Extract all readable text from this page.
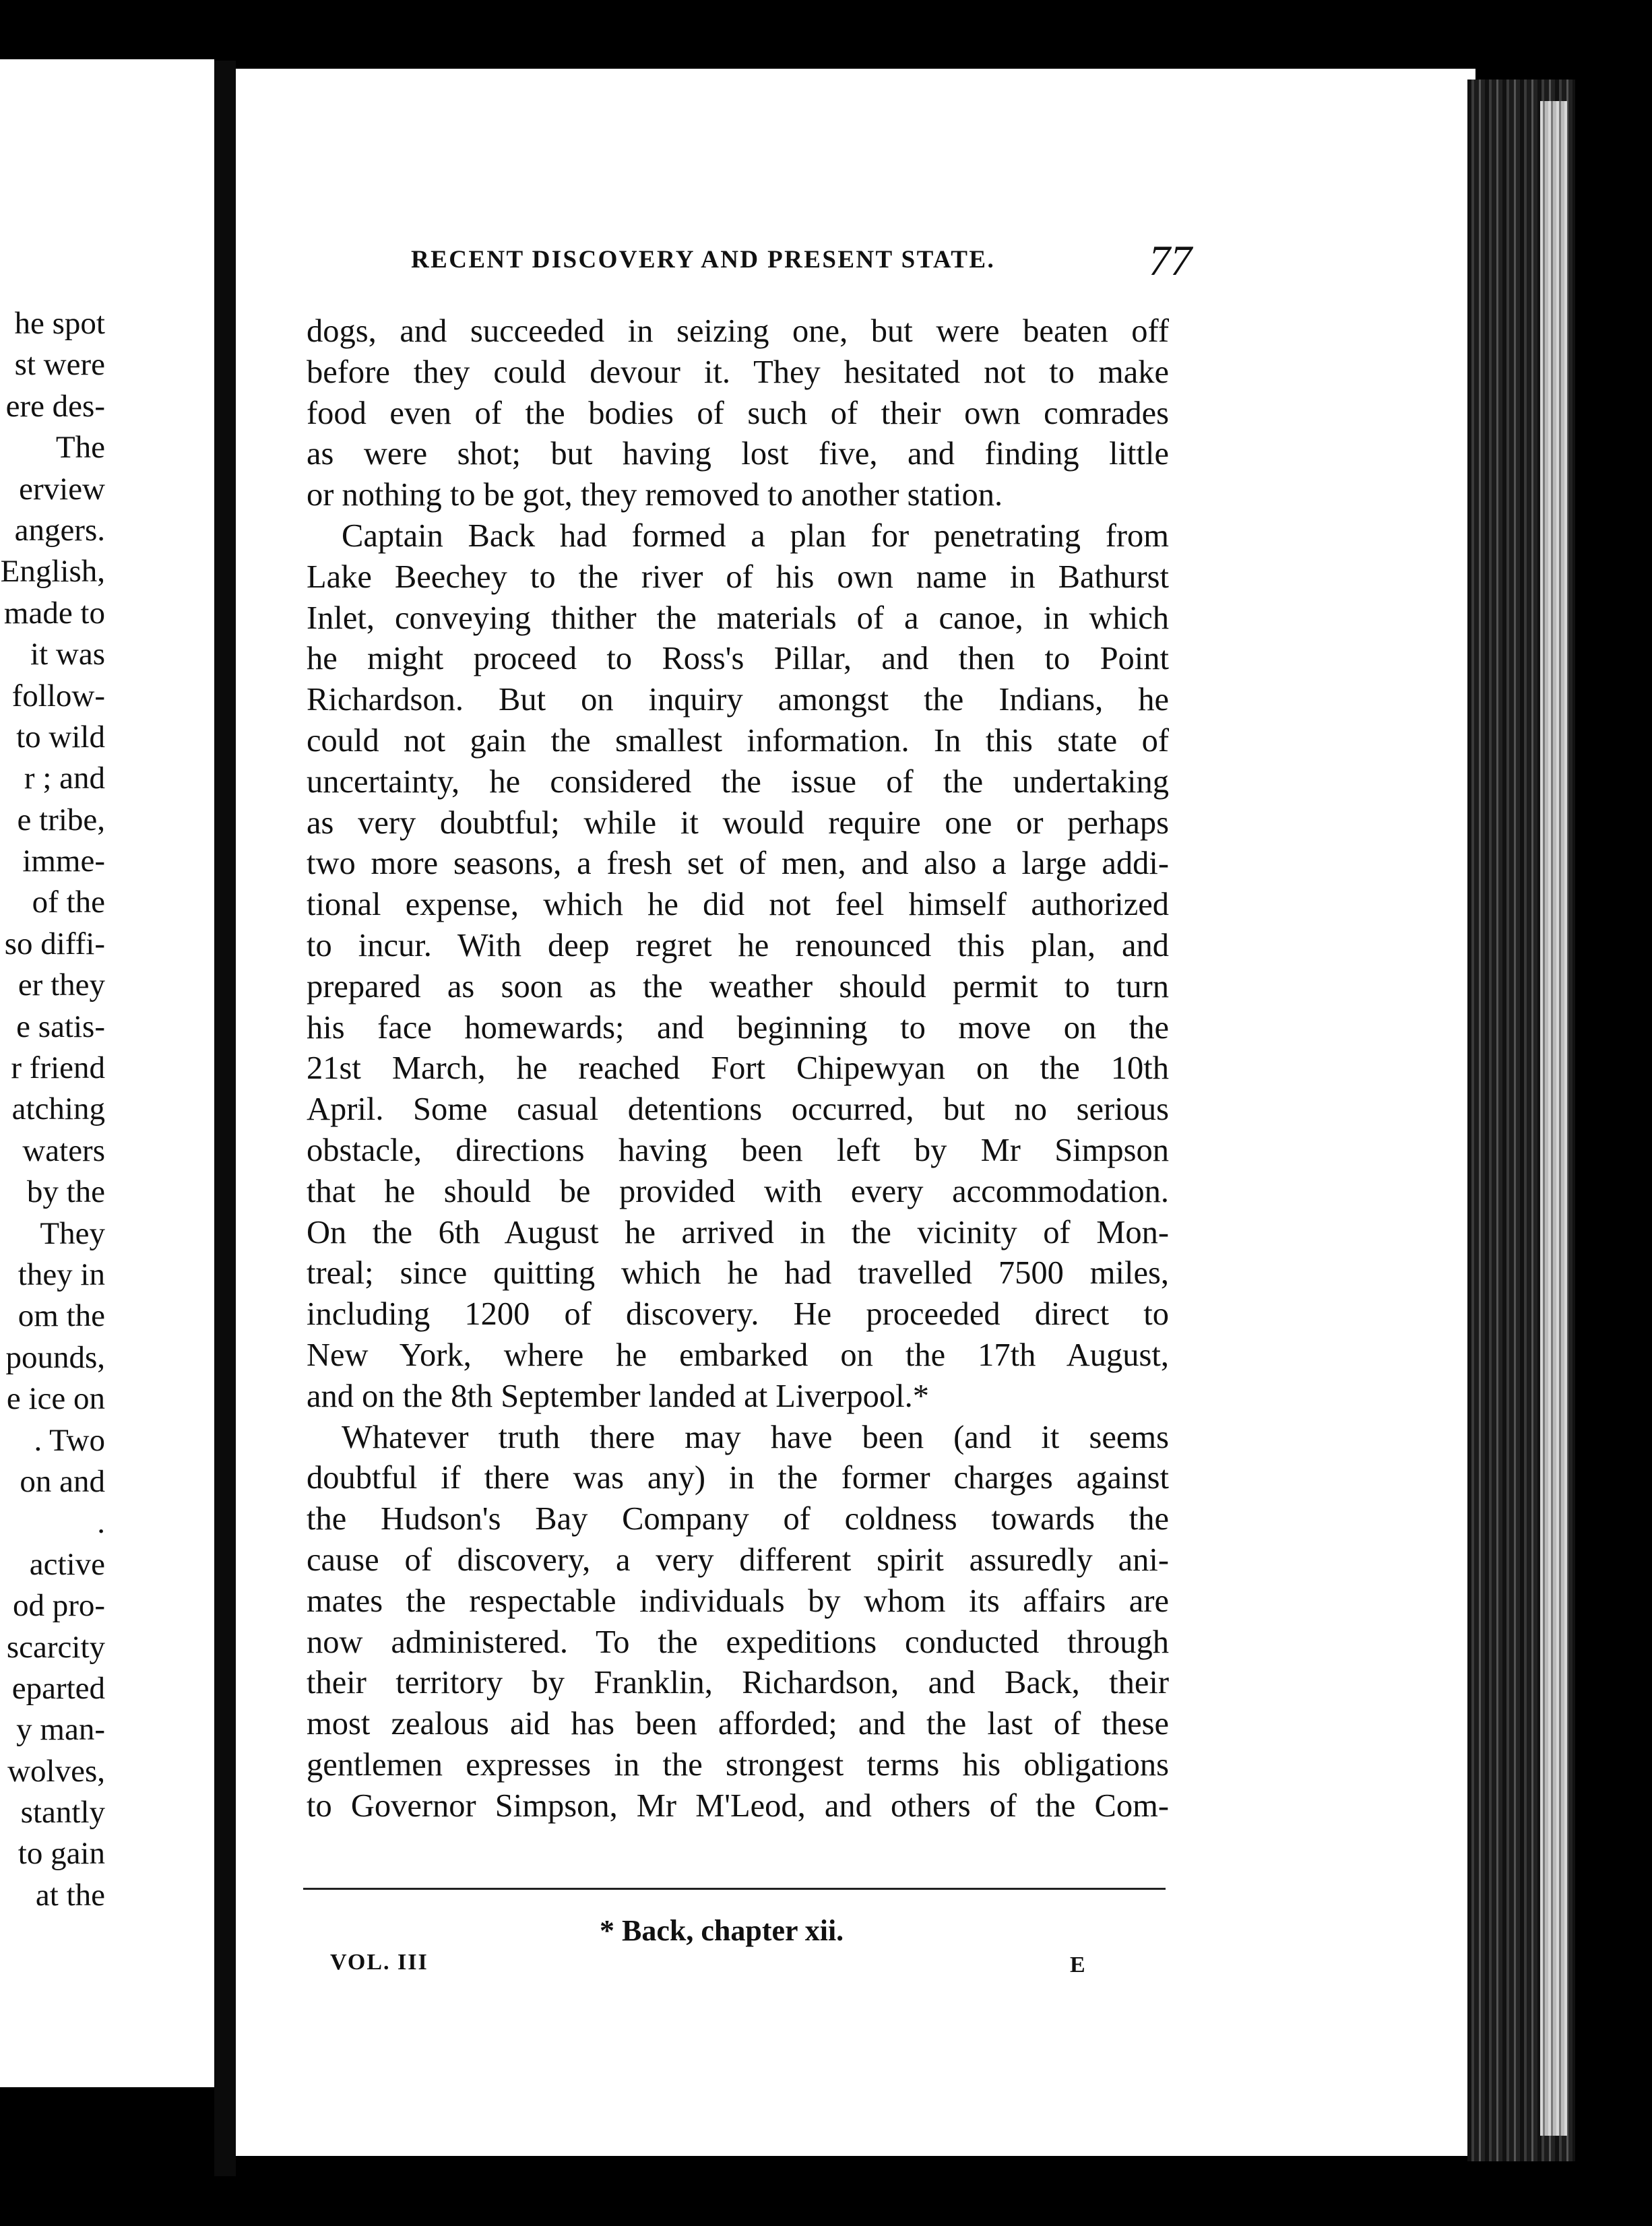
he spot
st were
ere des-
The
erview
angers.
English,
made to
it was
follow-
to wild
r ; and
e tribe,
imme-
of the
so diffi-
er they
e satis-
r friend
atching
waters
by the
They
they in
om the
pounds,
e ice on
. Two
on and
.
active
od pro-
scarcity
eparted
y man-
wolves,
stantly
to gain
at the
RECENT DISCOVERY AND PRESENT STATE.	77
dogs, and succeeded in seizing one, but were beaten off
before they could devour it. They hesitated not to make
food even of the bodies of such of their own comrades
as were shot; but having lost five, and finding little
or nothing to be got, they removed to another station.
Captain Back had formed a plan for penetrating from
Lake Beechey to the river of his own name in Bathurst
Inlet, conveying thither the materials of a canoe, in which
he might proceed to Ross's Pillar, and then to Point
Richardson. But on inquiry amongst the Indians, he
could not gain the smallest information. In this state of
uncertainty, he considered the issue of the undertaking
as very doubtful; while it would require one or perhaps
two more seasons, a fresh set of men, and also a large addi-
tional expense, which he did not feel himself authorized
to incur. With deep regret he renounced this plan, and
prepared as soon as the weather should permit to turn
his face homewards; and beginning to move on the
21st March, he reached Fort Chipewyan on the 10th
April. Some casual detentions occurred, but no serious
obstacle, directions having been left by Mr Simpson
that he should be provided with every accommodation.
On the 6th August he arrived in the vicinity of Mon-
treal; since quitting which he had travelled 7500 miles,
including 1200 of discovery. He proceeded direct to
New York, where he embarked on the 17th August,
and on the 8th September landed at Liverpool.*
Whatever truth there may have been (and it seems
doubtful if there was any) in the former charges against
the Hudson's Bay Company of coldness towards the
cause of discovery, a very different spirit assuredly ani-
mates the respectable individuals by whom its affairs are
now administered. To the expeditions conducted through
their territory by Franklin, Richardson, and Back, their
most zealous aid has been afforded; and the last of these
gentlemen expresses in the strongest terms his obligations
to Governor Simpson, Mr M'Leod, and others of the Com-
* Back, chapter xii.
VOL. III	E
